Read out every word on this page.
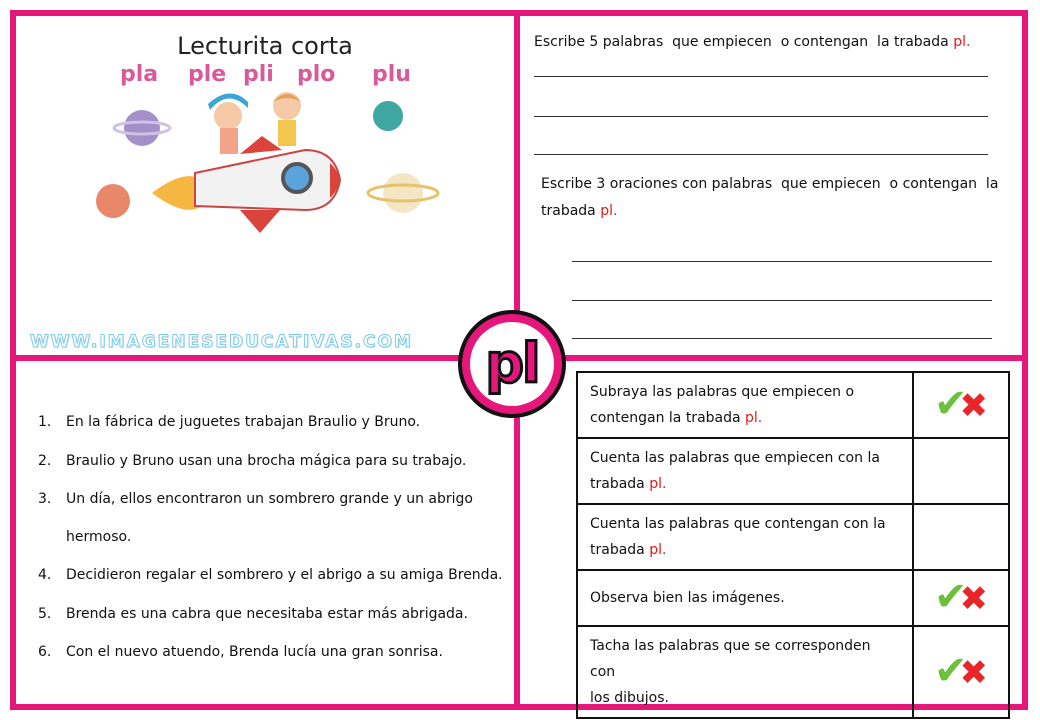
Lecturita corta
pla ple pli plo plu
WWW.IMAGENESEDUCATIVAS.COM pl
Escribe 5 palabras  que empiecen  o contengan  la trabada pl.
Escribe 3 oraciones con palabras  que empiecen  o contengan  la
trabada pl.
1. En la fábrica de juguetes trabajan Braulio y Bruno.
2. Braulio y Bruno usan una brocha mágica para su trabajo.
3. Un día, ellos encontraron un sombrero grande y un abrigo
hermoso.
4. Decidieron regalar el sombrero y el abrigo a su amiga Brenda.
5. Brenda es una cabra que necesitaba estar más abrigada.
6. Con el nuevo atuendo, Brenda lucía una gran sonrisa.
Subraya las palabras que empiecen o
contengan la trabada pl.	✔✖
Cuenta las palabras que empiecen con la
trabada pl.	
Cuenta las palabras que contengan con la
trabada pl.	
Observa bien las imágenes.	✔✖
Tacha las palabras que se corresponden con
los dibujos.	✔✖
